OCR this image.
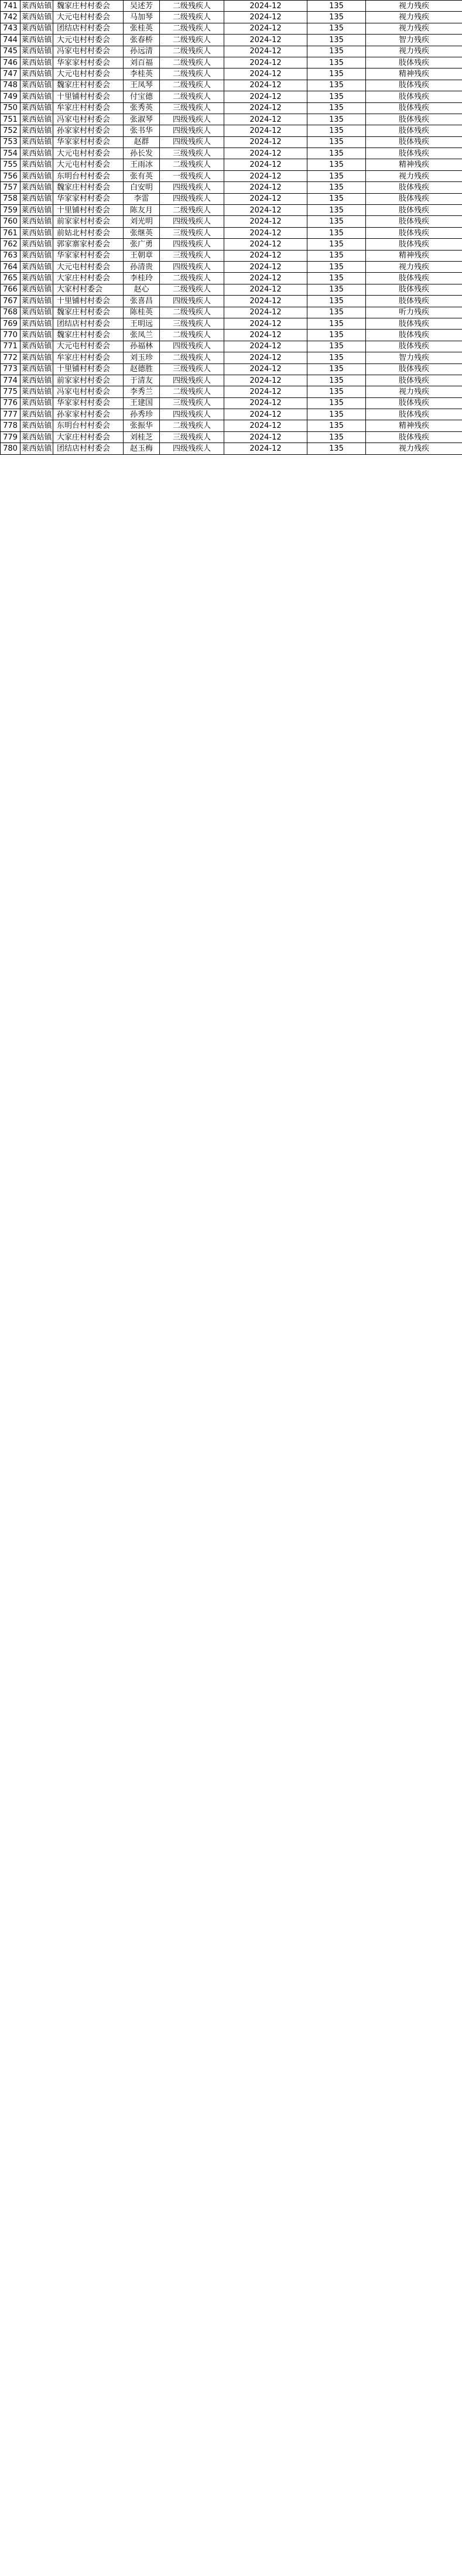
741	莱西姑镇	魏家庄村村委会	吴述芳	二级残疾人	2024-12	135	视力残疾
742	莱西姑镇	大元屯村村委会	马加琴	二级残疾人	2024-12	135	视力残疾
743	莱西姑镇	团结店村村委会	张桂英	二级残疾人	2024-12	135	视力残疾
744	莱西姑镇	大元屯村村委会	张春桥	二级残疾人	2024-12	135	智力残疾
745	莱西姑镇	冯家屯村村委会	孙远清	二级残疾人	2024-12	135	视力残疾
746	莱西姑镇	华家家村村委会	刘百福	二级残疾人	2024-12	135	肢体残疾
747	莱西姑镇	大元屯村村委会	李桂英	二级残疾人	2024-12	135	精神残疾
748	莱西姑镇	魏家庄村村委会	王凤琴	二级残疾人	2024-12	135	肢体残疾
749	莱西姑镇	十里铺村村委会	付宝德	二级残疾人	2024-12	135	肢体残疾
750	莱西姑镇	牟家庄村村委会	张秀英	三级残疾人	2024-12	135	肢体残疾
751	莱西姑镇	冯家屯村村委会	张淑琴	四级残疾人	2024-12	135	肢体残疾
752	莱西姑镇	孙家家村村委会	张书华	四级残疾人	2024-12	135	肢体残疾
753	莱西姑镇	华家家村村委会	赵群	四级残疾人	2024-12	135	肢体残疾
754	莱西姑镇	大元屯村村委会	孙长发	三级残疾人	2024-12	135	肢体残疾
755	莱西姑镇	大元屯村村委会	王雨冰	二级残疾人	2024-12	135	精神残疾
756	莱西姑镇	东明台村村委会	张有英	一级残疾人	2024-12	135	视力残疾
757	莱西姑镇	魏家庄村村委会	白安明	四级残疾人	2024-12	135	肢体残疾
758	莱西姑镇	华家家村村委会	李雷	四级残疾人	2024-12	135	肢体残疾
759	莱西姑镇	十里铺村村委会	陈友月	二级残疾人	2024-12	135	肢体残疾
760	莱西姑镇	前家家村村委会	刘光明	四级残疾人	2024-12	135	肢体残疾
761	莱西姑镇	前姑北村村委会	张继英	三级残疾人	2024-12	135	肢体残疾
762	莱西姑镇	郭家寨家村委会	张广勇	四级残疾人	2024-12	135	肢体残疾
763	莱西姑镇	华家家村村委会	王朝章	三级残疾人	2024-12	135	精神残疾
764	莱西姑镇	大元屯村村委会	孙清贵	四级残疾人	2024-12	135	视力残疾
765	莱西姑镇	大家庄村村委会	李桂玲	二级残疾人	2024-12	135	肢体残疾
766	莱西姑镇	大家村村委会	赵心	二级残疾人	2024-12	135	肢体残疾
767	莱西姑镇	十里铺村村委会	张喜昌	四级残疾人	2024-12	135	肢体残疾
768	莱西姑镇	魏家庄村村委会	陈桂英	二级残疾人	2024-12	135	听力残疾
769	莱西姑镇	团结店村村委会	王明远	三级残疾人	2024-12	135	肢体残疾
770	莱西姑镇	魏家庄村村委会	张凤兰	二级残疾人	2024-12	135	肢体残疾
771	莱西姑镇	大元屯村村委会	孙福林	四级残疾人	2024-12	135	肢体残疾
772	莱西姑镇	牟家庄村村委会	刘玉珍	二级残疾人	2024-12	135	智力残疾
773	莱西姑镇	十里铺村村委会	赵德胜	三级残疾人	2024-12	135	肢体残疾
774	莱西姑镇	前家家村村委会	于清友	四级残疾人	2024-12	135	肢体残疾
775	莱西姑镇	冯家屯村村委会	李秀兰	二级残疾人	2024-12	135	视力残疾
776	莱西姑镇	华家家村村委会	王建国	三级残疾人	2024-12	135	肢体残疾
777	莱西姑镇	孙家家村村委会	孙秀珍	四级残疾人	2024-12	135	肢体残疾
778	莱西姑镇	东明台村村委会	张振华	二级残疾人	2024-12	135	精神残疾
779	莱西姑镇	大家庄村村委会	刘桂芝	三级残疾人	2024-12	135	肢体残疾
780	莱西姑镇	团结店村村委会	赵玉梅	四级残疾人	2024-12	135	视力残疾
